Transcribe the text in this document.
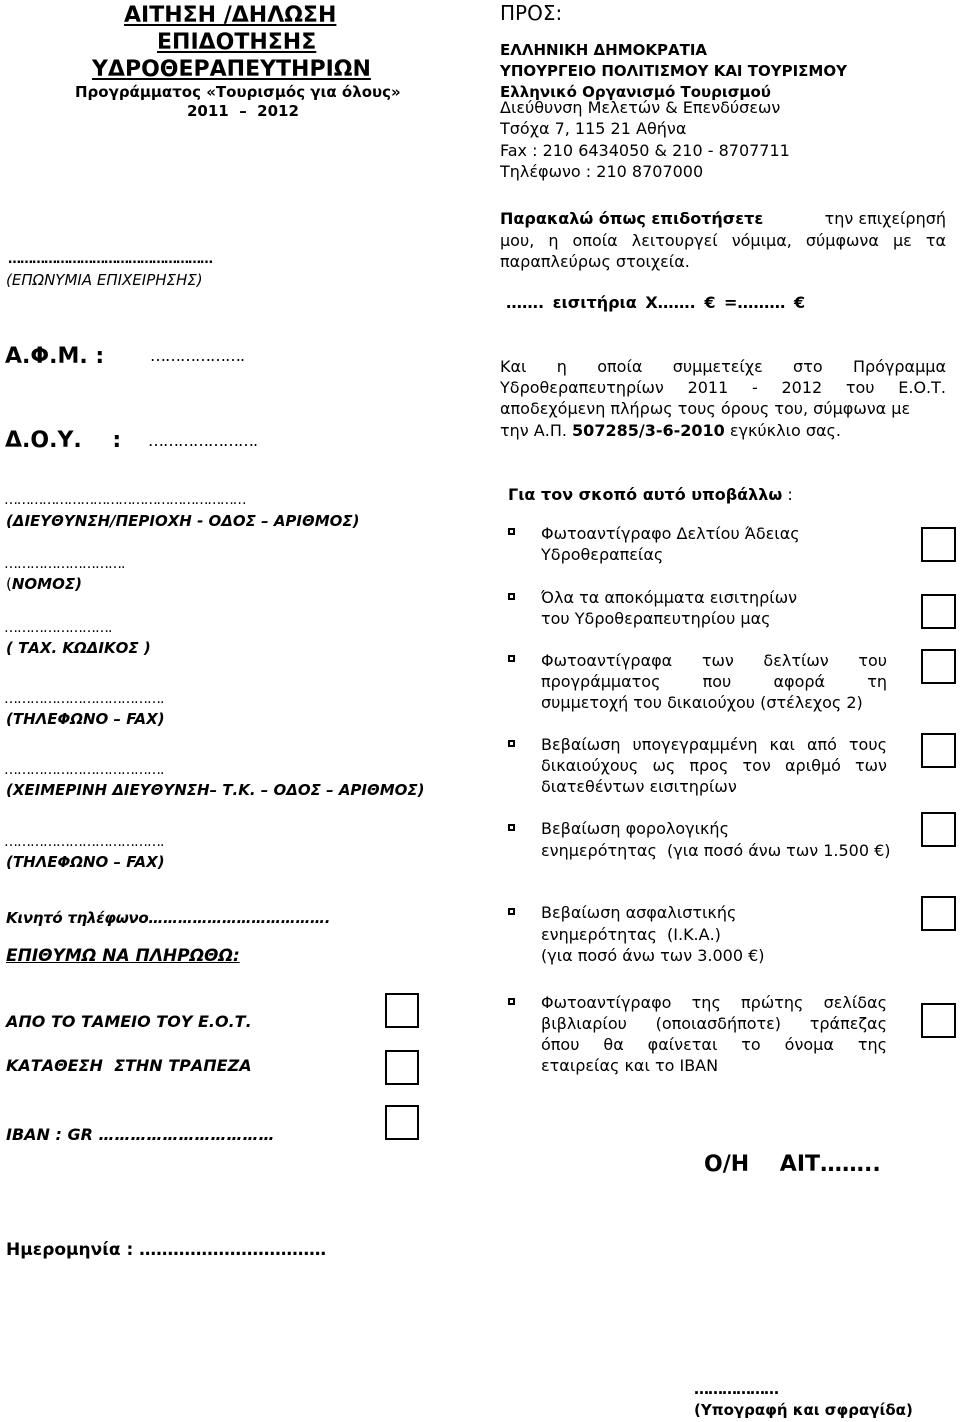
ΑΙΤΗΣΗ /ΔΗΛΩΣΗ
ΕΠΙΔΟΤΗΣΗΣ
ΥΔΡΟΘΕΡΑΠΕΥΤΗΡΙΩΝ
Προγράμματος «Τουρισμός για όλους»
2011  –  2012
ΠΡΟΣ:
ΕΛΛΗΝΙΚΗ ΔΗΜΟΚΡΑΤΙΑ
ΥΠΟΥΡΓΕΙΟ ΠΟΛΙΤΙΣΜΟΥ ΚΑΙ ΤΟΥΡΙΣΜΟΥ
Ελληνικό Οργανισμό Τουρισμού
Διεύθυνση Μελετών & Επενδύσεων
Τσόχα 7, 115 21 Αθήνα
Fax : 210 6434050 & 210 - 8707711
Τηλέφωνο : 210 8707000
……………………………………………
(ΕΠΩΝΥΜΙΑ ΕΠΙΧΕΙΡΗΣΗΣ)
Παρακαλώ όπως επιδοτήσετε	την επιχείρησή
μου, η οποία λειτουργεί νόμιμα, σύμφωνα με τα
παραπλεύρως στοιχεία.
……. εισιτήρια Χ……. € =……… €
Α.Φ.Μ. :	……………….
Δ.Ο.Υ.    : ………………….
Και η οποία συμμετείχε στο Πρόγραμμα
Υδροθεραπευτηρίων 2011 - 2012 του Ε.Ο.Τ.
αποδεχόμενη πλήρως τους όρους του, σύμφωνα με
την Α.Π. 507285/3-6-2010 εγκύκλιο σας.
…………………………………………………
(ΔΙΕΥΘΥΝΣΗ/ΠΕΡΙΟΧΗ - ΟΔΟΣ – ΑΡΙΘΜΟΣ)
……………………….
(ΝΟΜΟΣ)
…………………….
( ΤΑΧ. ΚΩΔΙΚΟΣ )
……………………………….
(ΤΗΛΕΦΩΝΟ – FAX)
……………………………….
(ΧΕΙΜΕΡΙΝΗ ΔΙΕΥΘΥΝΣΗ– Τ.Κ. – ΟΔΟΣ – ΑΡΙΘΜΟΣ)
……………………………….
(ΤΗΛΕΦΩΝΟ – FAX)
Κινητό τηλέφωνο……………………………….
ΕΠΙΘΥΜΩ ΝΑ ΠΛΗΡΩΘΩ:
ΑΠΟ ΤΟ ΤΑΜΕΙΟ ΤΟΥ Ε.Ο.Τ.
ΚΑΤΑΘΕΣΗ  ΣΤΗΝ ΤΡΑΠΕΖΑ
IBAN : GR ……………………………
Για τον σκοπό αυτό υποβάλλω :
Φωτοαντίγραφο Δελτίου Άδειας
Υδροθεραπείας
Όλα τα αποκόμματα εισιτηρίων
του Υδροθεραπευτηρίου μας
Φωτοαντίγραφα των δελτίων του
προγράμματος που αφορά τη
συμμετοχή του δικαιούχου (στέλεχος 2)
Βεβαίωση υπογεγραμμένη και από τους
δικαιούχους ως προς τον αριθμό των
διατεθέντων εισιτηρίων
Βεβαίωση φορολογικής
ενημερότητας  (για ποσό άνω των 1.500 €)
Βεβαίωση ασφαλιστικής
ενημερότητας  (Ι.Κ.Α.)
(για ποσό άνω των 3.000 €)
Φωτοαντίγραφο της πρώτης σελίδας
βιβλιαρίου (οποιασδήποτε) τράπεζας
όπου θα φαίνεται το όνομα της
εταιρείας και το ΙΒΑΝ
Ο/Η    ΑΙΤ……..
Ημερομηνία : ……………………………
………………
(Υπογραφή και σφραγίδα)
